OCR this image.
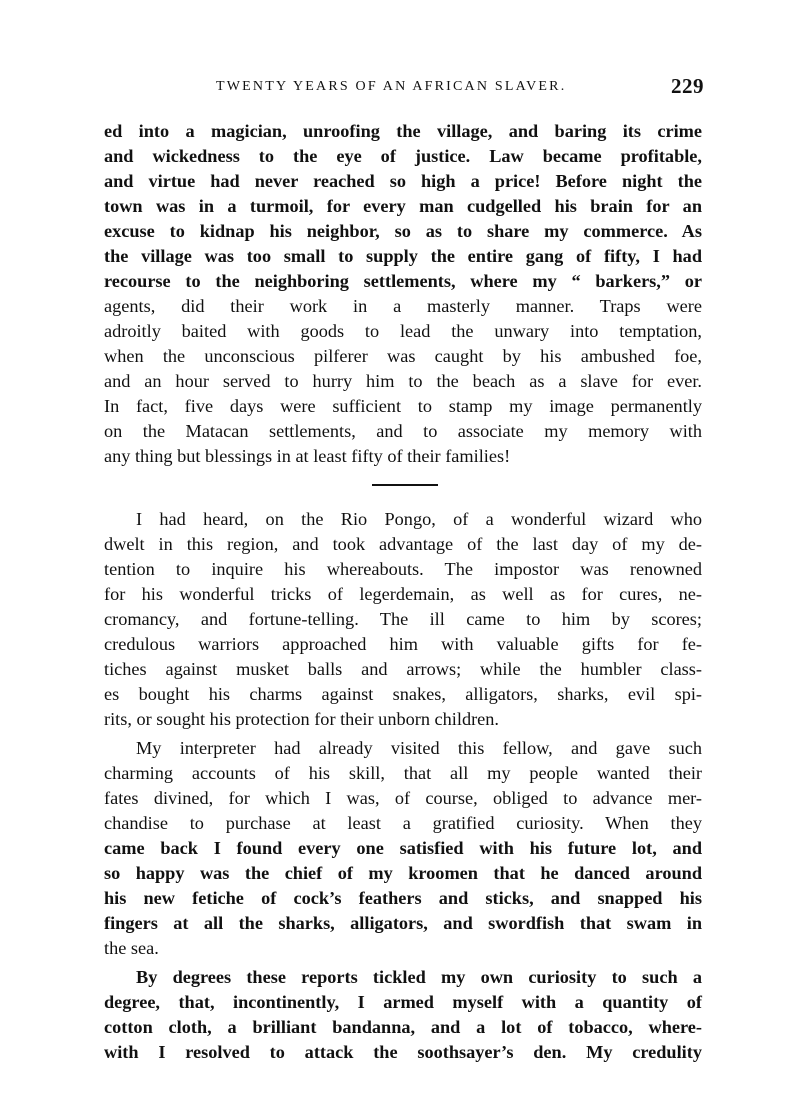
TWENTY YEARS OF AN AFRICAN SLAVER.	229
ed into a magician, unroofing the village, and baring its crime
and wickedness to the eye of justice. Law became profitable,
and virtue had never reached so high a price! Before night the
town was in a turmoil, for every man cudgelled his brain for an
excuse to kidnap his neighbor, so as to share my commerce. As
the village was too small to supply the entire gang of fifty, I had
recourse to the neighboring settlements, where my “ barkers,” or
agents, did their work in a masterly manner. Traps were
adroitly baited with goods to lead the unwary into temptation,
when the unconscious pilferer was caught by his ambushed foe,
and an hour served to hurry him to the beach as a slave for ever.
In fact, five days were sufficient to stamp my image permanently
on the Matacan settlements, and to associate my memory with
any thing but blessings in at least fifty of their families!
I had heard, on the Rio Pongo, of a wonderful wizard who
dwelt in this region, and took advantage of the last day of my de-
tention to inquire his whereabouts. The impostor was renowned
for his wonderful tricks of legerdemain, as well as for cures, ne-
cromancy, and fortune-telling. The ill came to him by scores;
credulous warriors approached him with valuable gifts for fe-
tiches against musket balls and arrows; while the humbler class-
es bought his charms against snakes, alligators, sharks, evil spi-
rits, or sought his protection for their unborn children.
My interpreter had already visited this fellow, and gave such
charming accounts of his skill, that all my people wanted their
fates divined, for which I was, of course, obliged to advance mer-
chandise to purchase at least a gratified curiosity. When they
came back I found every one satisfied with his future lot, and
so happy was the chief of my kroomen that he danced around
his new fetiche of cock’s feathers and sticks, and snapped his
fingers at all the sharks, alligators, and swordfish that swam in
the sea.
By degrees these reports tickled my own curiosity to such a
degree, that, incontinently, I armed myself with a quantity of
cotton cloth, a brilliant bandanna, and a lot of tobacco, where-
with I resolved to attack the soothsayer’s den. My credulity
